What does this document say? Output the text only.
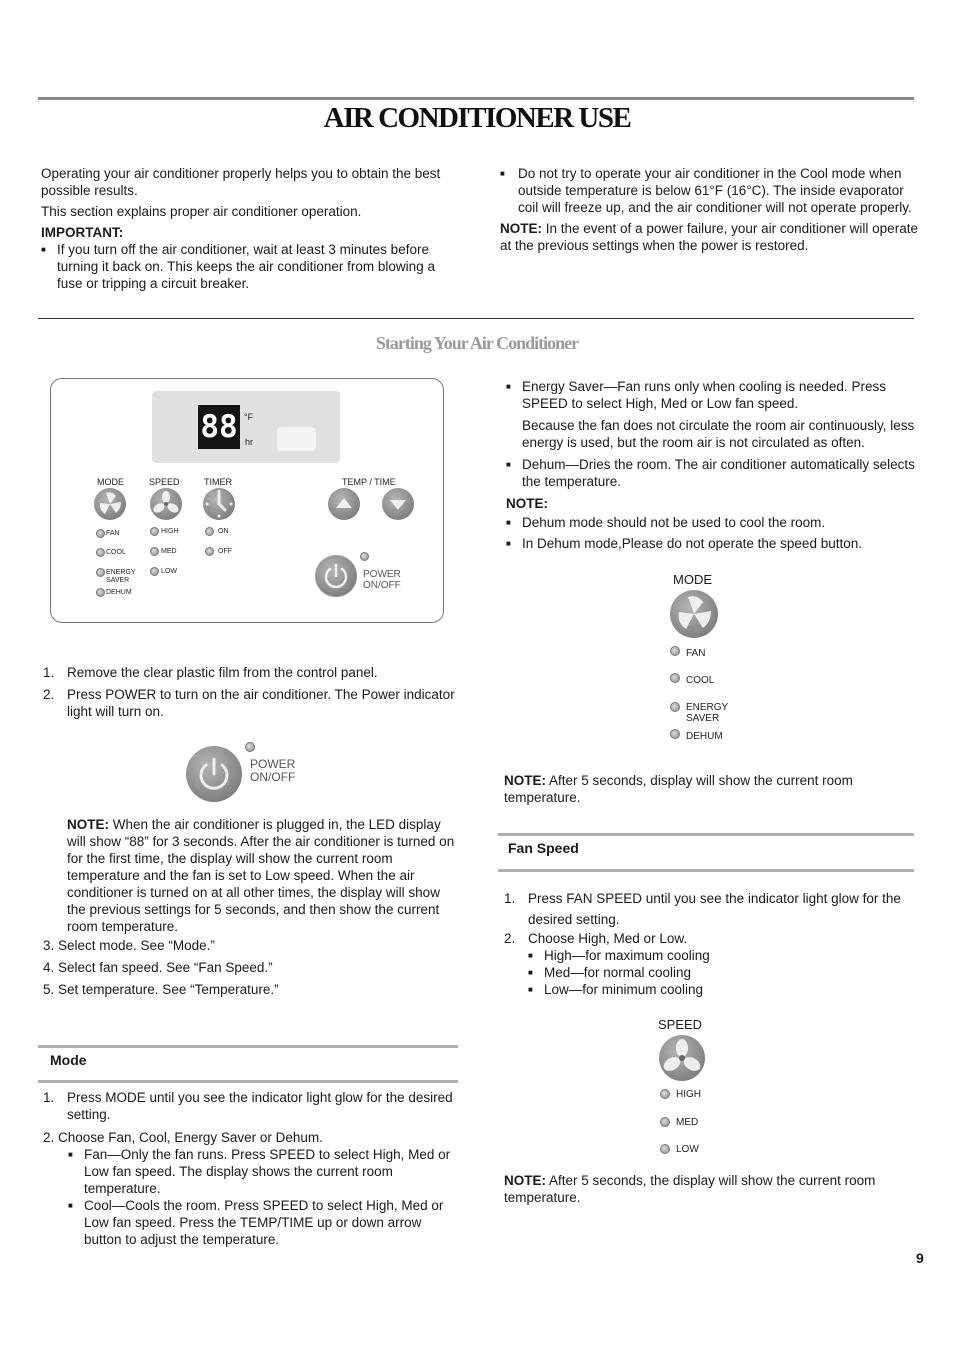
AIR CONDITIONER USE

Operating your air conditioner properly helps you to obtain the best possible results.

This section explains proper air conditioner operation.

IMPORTANT:

■ If you turn off the air conditioner, wait at least 3 minutes before turning it back on. This keeps the air conditioner from blowing a fuse or tripping a circuit breaker.

■ Do not try to operate your air conditioner in the Cool mode when outside temperature is below 61°F (16°C). The inside evaporator coil will freeze up, and the air conditioner will not operate properly.

NOTE: In the event of a power failure, your air conditioner will operate at the previous settings when the power is restored.

Starting Your Air Conditioner
88 °F
hr
MODE	SPEED	TIMER	TEMP / TIME
FAN
COOL
ENERGY SAVER
DEHUM
HIGH
MED
LOW
ON
OFF
POWER
ON/OFF

1. Remove the clear plastic film from the control panel.

2. Press POWER to turn on the air conditioner. The Power indicator light will turn on.

POWER
ON/OFF

NOTE: When the air conditioner is plugged in, the LED display will show “88” for 3 seconds. After the air conditioner is turned on for the first time, the display will show the current room temperature and the fan is set to Low speed. When the air conditioner is turned on at all other times, the display will show the previous settings for 5 seconds, and then show the current room temperature.

3. Select mode. See “Mode.”

4. Select fan speed. See “Fan Speed.”

5. Set temperature. See “Temperature.”

Mode

1. Press MODE until you see the indicator light glow for the desired setting.

2. Choose Fan, Cool, Energy Saver or Dehum.

■ Fan—Only the fan runs. Press SPEED to select High, Med or Low fan speed. The display shows the current room temperature.

■ Cool—Cools the room. Press SPEED to select High, Med or Low fan speed. Press the TEMP/TIME up or down arrow button to adjust the temperature.

■ Energy Saver—Fan runs only when cooling is needed. Press SPEED to select High, Med or Low fan speed.

Because the fan does not circulate the room air continuously, less energy is used, but the room air is not circulated as often.

■ Dehum—Dries the room. The air conditioner automatically selects the temperature.

NOTE:

■ Dehum mode should not be used to cool the room.

■ In Dehum mode,Please do not operate the speed button.

MODE
FAN
COOL
ENERGY SAVER
DEHUM

NOTE: After 5 seconds, display will show the current room temperature.

Fan Speed

1. Press FAN SPEED until you see the indicator light glow for the desired setting.

2. Choose High, Med or Low.

■ High—for maximum cooling

■ Med—for normal cooling

■ Low—for minimum cooling

SPEED
HIGH
MED
LOW

NOTE: After 5 seconds, the display will show the current room temperature.

9
